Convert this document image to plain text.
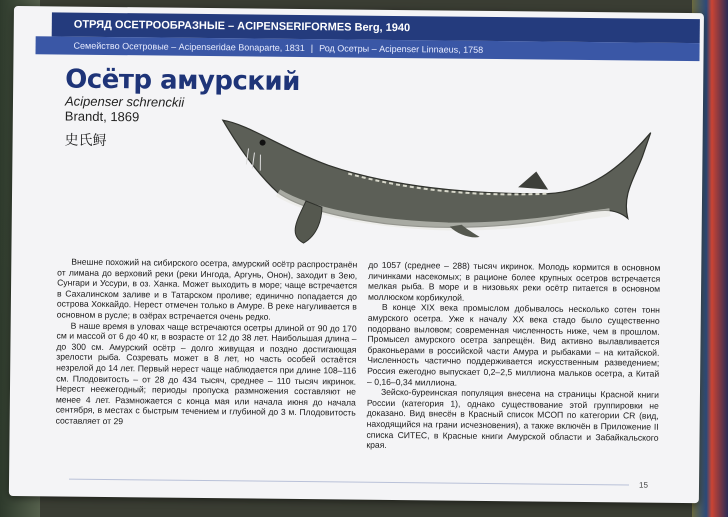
ОТРЯД ОСЕТРООБРАЗНЫЕ – ACIPENSERIFORMES Berg, 1940
Семейство Осетровые – Acipenseridae Bonaparte, 1831 | Род Осетры – Acipenser Linnaeus, 1758
Осётр амурский
Acipenser schrenckii
Brandt, 1869
史氏鲟

Внешне похожий на сибирского осетра, амурский осётр распространён от лимана до верховий реки (реки Ингода, Аргунь, Онон), заходит в Зею, Сунгари и Уссури, в оз. Ханка. Может выходить в море; чаще встречается в Сахалинском заливе и в Татарском проливе; единично попадается до острова Хоккайдо. Нерест отмечен только в Амуре. В реке нагуливается в основном в русле; в озёрах встречается очень редко.

В наше время в уловах чаще встречаются осетры длиной от 90 до 170 см и массой от 6 до 40 кг, в возрасте от 12 до 38 лет. Наибольшая длина – до 300 см. Амурский осётр – долго живущая и поздно достигающая зрелости рыба. Созревать может в 8 лет, но часть особей остаётся незрелой до 14 лет. Первый нерест чаще наблюдается при длине 108–116 см. Плодовитость – от 28 до 434 тысяч, среднее – 110 тысяч икринок. Нерест неежегодный; периоды пропуска размножения составляют не менее 4 лет. Размножается с конца мая или начала июня до начала сентября, в местах с быстрым течением и глубиной до 3 м. Плодовитость составляет от 29

до 1057 (среднее – 288) тысяч икринок. Молодь кормится в основном личинками насекомых; в рационе более крупных осетров встречается мелкая рыба. В море и в низовьях реки осётр питается в основном моллюском корбикулой.

В конце XIX века промыслом добывалось несколько сотен тонн амурского осетра. Уже к началу XX века стадо было существенно подорвано выловом; современная численность ниже, чем в прошлом. Промысел амурского осетра запрещён. Вид активно вылавливается браконьерами в российской части Амура и рыбаками – на китайской. Численность частично поддерживается искусственным разведением; Россия ежегодно выпускает 0,2–2,5 миллиона мальков осетра, а Китай – 0,16–0,34 миллиона.

Зейско-буреинская популяция внесена на страницы Красной книги России (категория 1), однако существование этой группировки не доказано. Вид внесён в Красный список МСОП по категории CR (вид, находящийся на грани исчезновения), а также включён в Приложение II списка СИТЕС, в Красные книги Амурской области и Забайкальского края.

15
